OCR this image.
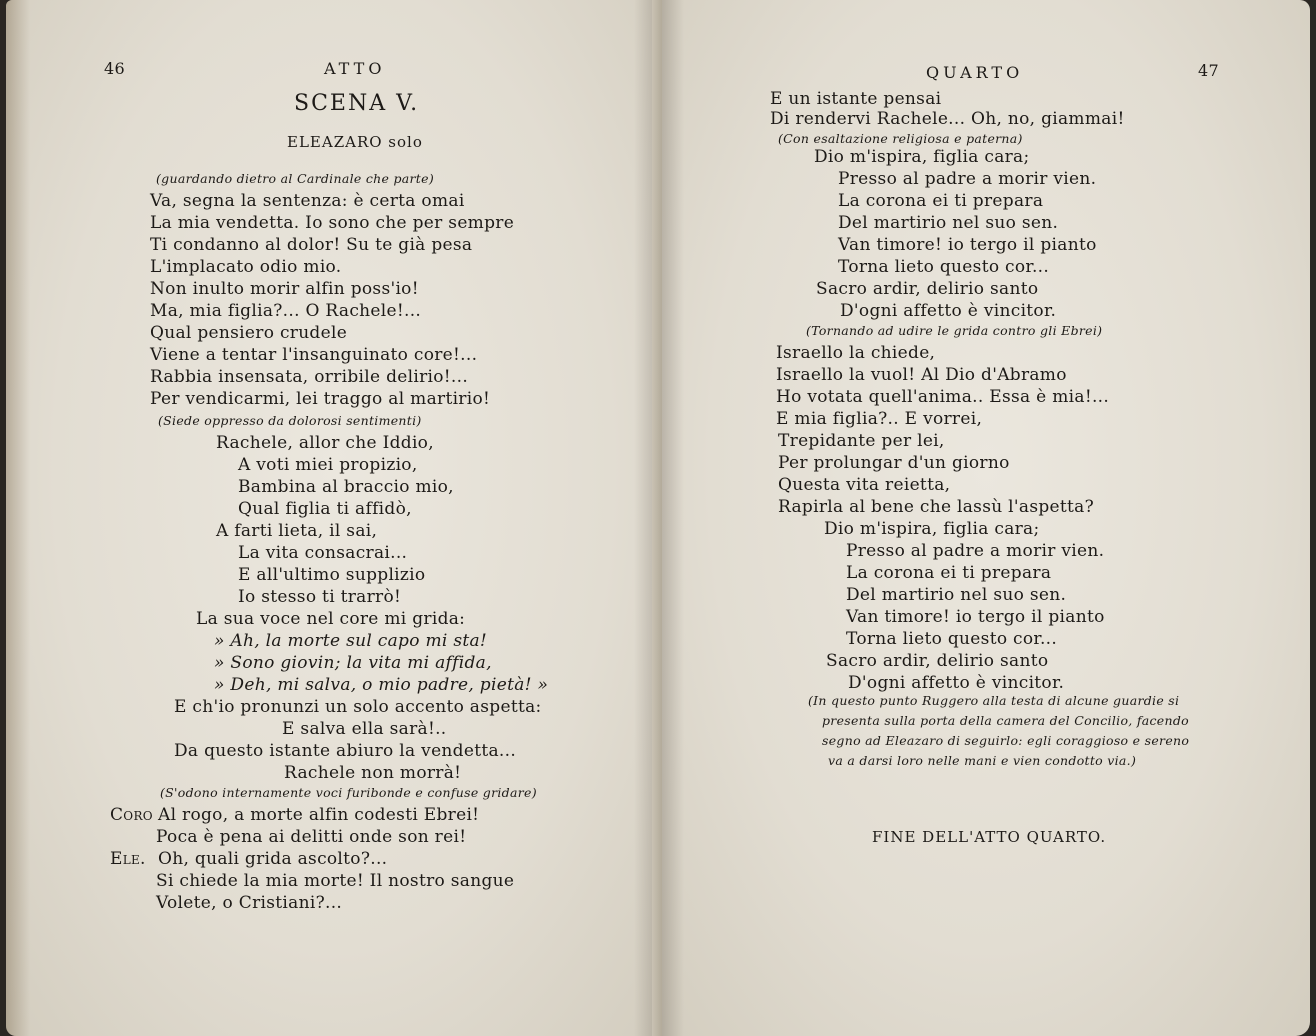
46	ATTO
SCENA V.
ELEAZARO solo
(guardando dietro al Cardinale che parte)
Va, segna la sentenza: è certa omai
La mia vendetta. Io sono che per sempre
Ti condanno al dolor! Su te già pesa
L'implacato odio mio.
Non inulto morir alfin poss'io!
Ma, mia figlia?... O Rachele!...
Qual pensiero crudele
Viene a tentar l'insanguinato core!...
Rabbia insensata, orribile delirio!...
Per vendicarmi, lei traggo al martirio!
(Siede oppresso da dolorosi sentimenti)
Rachele, allor che Iddio,
A voti miei propizio,
Bambina al braccio mio,
Qual figlia ti affidò,
A farti lieta, il sai,
La vita consacrai...
E all'ultimo supplizio
Io stesso ti trarrò!
La sua voce nel core mi grida:
» Ah, la morte sul capo mi sta!
» Sono giovin; la vita mi affida,
» Deh, mi salva, o mio padre, pietà! »
E ch'io pronunzi un solo accento aspetta:
E salva ella sarà!..
Da questo istante abiuro la vendetta...
Rachele non morrà!
(S'odono internamente voci furibonde e confuse gridare)
Coro Al rogo, a morte alfin codesti Ebrei!
Poca è pena ai delitti onde son rei!
Ele. Oh, quali grida ascolto?...
Si chiede la mia morte! Il nostro sangue
Volete, o Cristiani?...
QUARTO	47
E un istante pensai
Di rendervi Rachele... Oh, no, giammai!
(Con esaltazione religiosa e paterna)
Dio m'ispira, figlia cara;
Presso al padre a morir vien.
La corona ei ti prepara
Del martirio nel suo sen.
Van timore! io tergo il pianto
Torna lieto questo cor...
Sacro ardir, delirio santo
D'ogni affetto è vincitor.
(Tornando ad udire le grida contro gli Ebrei)
Israello la chiede,
Israello la vuol! Al Dio d'Abramo
Ho votata quell'anima.. Essa è mia!...
E mia figlia?.. E vorrei,
Trepidante per lei,
Per prolungar d'un giorno
Questa vita reietta,
Rapirla al bene che lassù l'aspetta?
Dio m'ispira, figlia cara;
Presso al padre a morir vien.
La corona ei ti prepara
Del martirio nel suo sen.
Van timore! io tergo il pianto
Torna lieto questo cor...
Sacro ardir, delirio santo
D'ogni affetto è vincitor.
(In questo punto Ruggero alla testa di alcune guardie si
presenta sulla porta della camera del Concilio, facendo
segno ad Eleazaro di seguirlo: egli coraggioso e sereno
va a darsi loro nelle mani e vien condotto via.)
FINE DELL'ATTO QUARTO.
